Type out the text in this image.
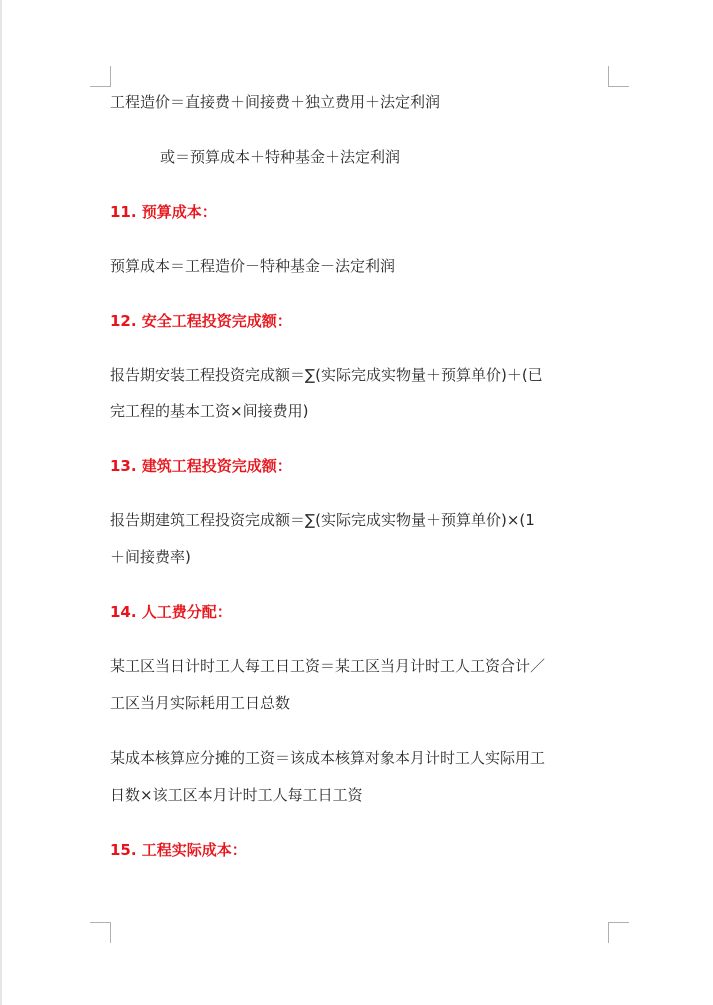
工程造价＝直接费＋间接费＋独立费用＋法定利润
或＝预算成本＋特种基金＋法定利润
11. 预算成本：
预算成本＝工程造价－特种基金－法定利润
12. 安全工程投资完成额：
报告期安装工程投资完成额＝∑(实际完成实物量＋预算单价)＋(已
完工程的基本工资×间接费用)
13. 建筑工程投资完成额：
报告期建筑工程投资完成额＝∑(实际完成实物量＋预算单价)×(1
＋间接费率)
14. 人工费分配：
某工区当日计时工人每工日工资＝某工区当月计时工人工资合计／
工区当月实际耗用工日总数
某成本核算应分摊的工资＝该成本核算对象本月计时工人实际用工
日数×该工区本月计时工人每工日工资
15. 工程实际成本：
